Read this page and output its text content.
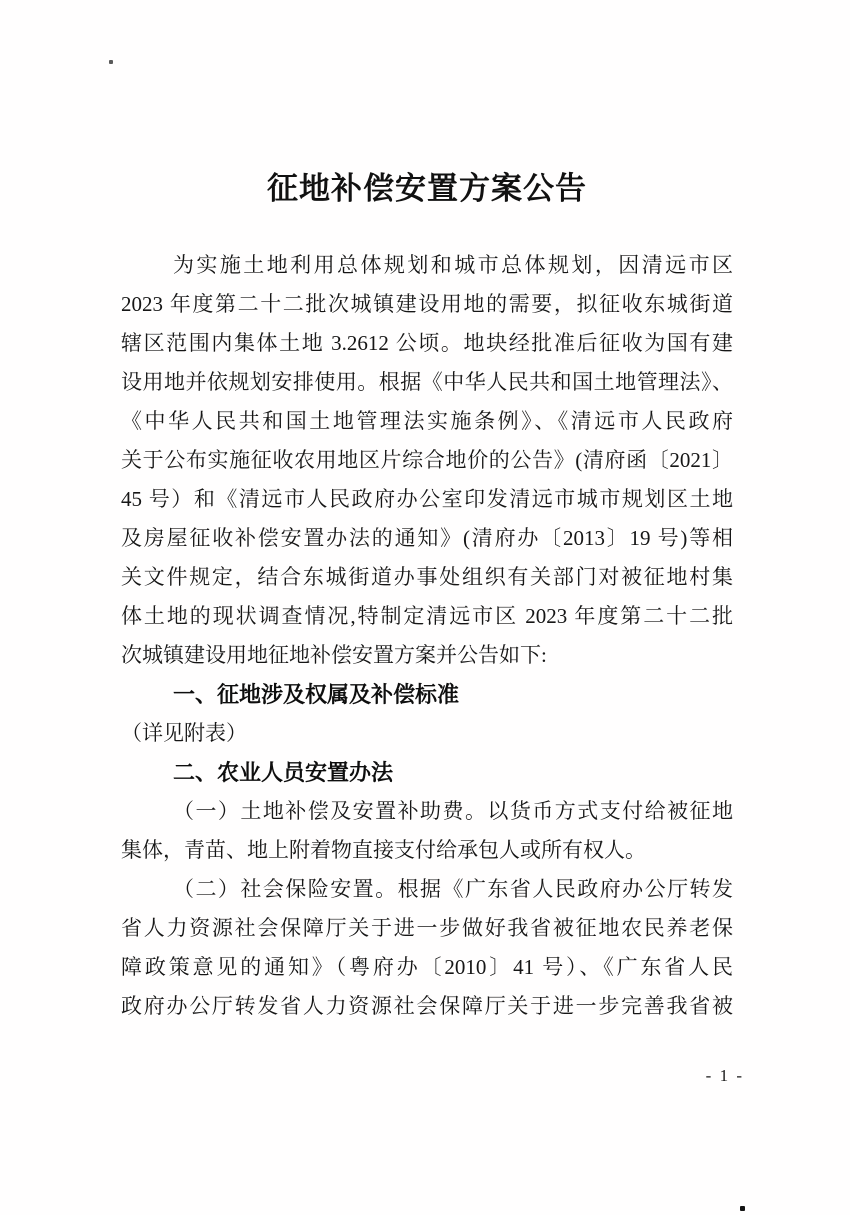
征地补偿安置方案公告
为实施土地利用总体规划和城市总体规划，因清远市区
2023 年度第二十二批次城镇建设用地的需要，拟征收东城街道
辖区范围内集体土地 3.2612 公顷。地块经批准后征收为国有建
设用地并依规划安排使用。根据《中华人民共和国土地管理法》、
《中华人民共和国土地管理法实施条例》、《清远市人民政府
关于公布实施征收农用地区片综合地价的公告》(清府函〔2021〕
45 号）和《清远市人民政府办公室印发清远市城市规划区土地
及房屋征收补偿安置办法的通知》(清府办〔2013〕19 号)等相
关文件规定，结合东城街道办事处组织有关部门对被征地村集
体土地的现状调查情况,特制定清远市区 2023 年度第二十二批
次城镇建设用地征地补偿安置方案并公告如下:
一、征地涉及权属及补偿标准
（详见附表）
二、农业人员安置办法
（一）土地补偿及安置补助费。以货币方式支付给被征地
集体，青苗、地上附着物直接支付给承包人或所有权人。
（二）社会保险安置。根据《广东省人民政府办公厅转发
省人力资源社会保障厅关于进一步做好我省被征地农民养老保
障政策意见的通知》（粤府办〔2010〕41 号）、《广东省人民
政府办公厅转发省人力资源社会保障厅关于进一步完善我省被
- 1 -
